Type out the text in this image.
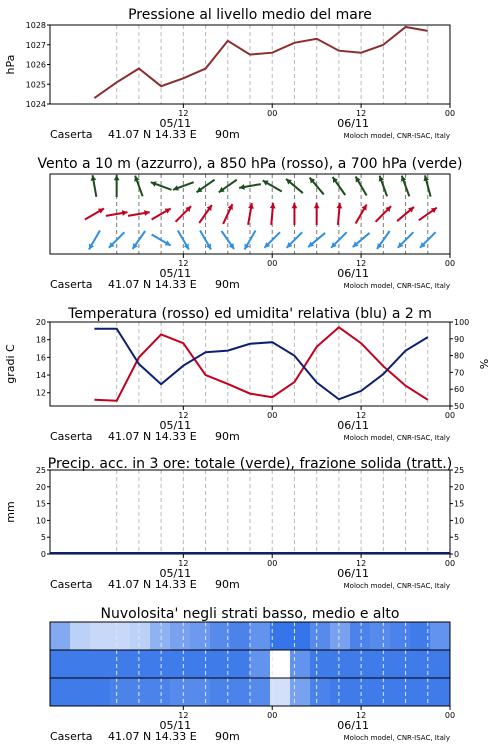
Pressione al livello medio del mare
12	00	12	00
05/11	06/11
Caserta 41.07 N 14.33 E 90m	Moloch model, CNR-ISAC, Italy
1024
1025
1026
1027
1028
hPa
Vento a 10 m (azzurro), a 850 hPa (rosso), a 700 hPa (verde)
12	00	12	00
05/11	06/11
Caserta 41.07 N 14.33 E 90m	Moloch model, CNR-ISAC, Italy
Temperatura (rosso) ed umidita' relativa (blu) a 2 m
12	00	12	00
05/11	06/11
Caserta 41.07 N 14.33 E 90m	Moloch model, CNR-ISAC, Italy
12
14
16
18
20
50
60
70
80
90
100
gradi C	%
Precip. acc. in 3 ore: totale (verde), frazione solida (tratt.)
12	00	12	00
05/11	06/11
Caserta 41.07 N 14.33 E 90m	Moloch model, CNR-ISAC, Italy
0
5
10
15
20
25
0
5
10
15
20
25
mm
Nuvolosita' negli strati basso, medio e alto
12	00	12	00
05/11	06/11
Caserta 41.07 N 14.33 E 90m	Moloch model, CNR-ISAC, Italy
